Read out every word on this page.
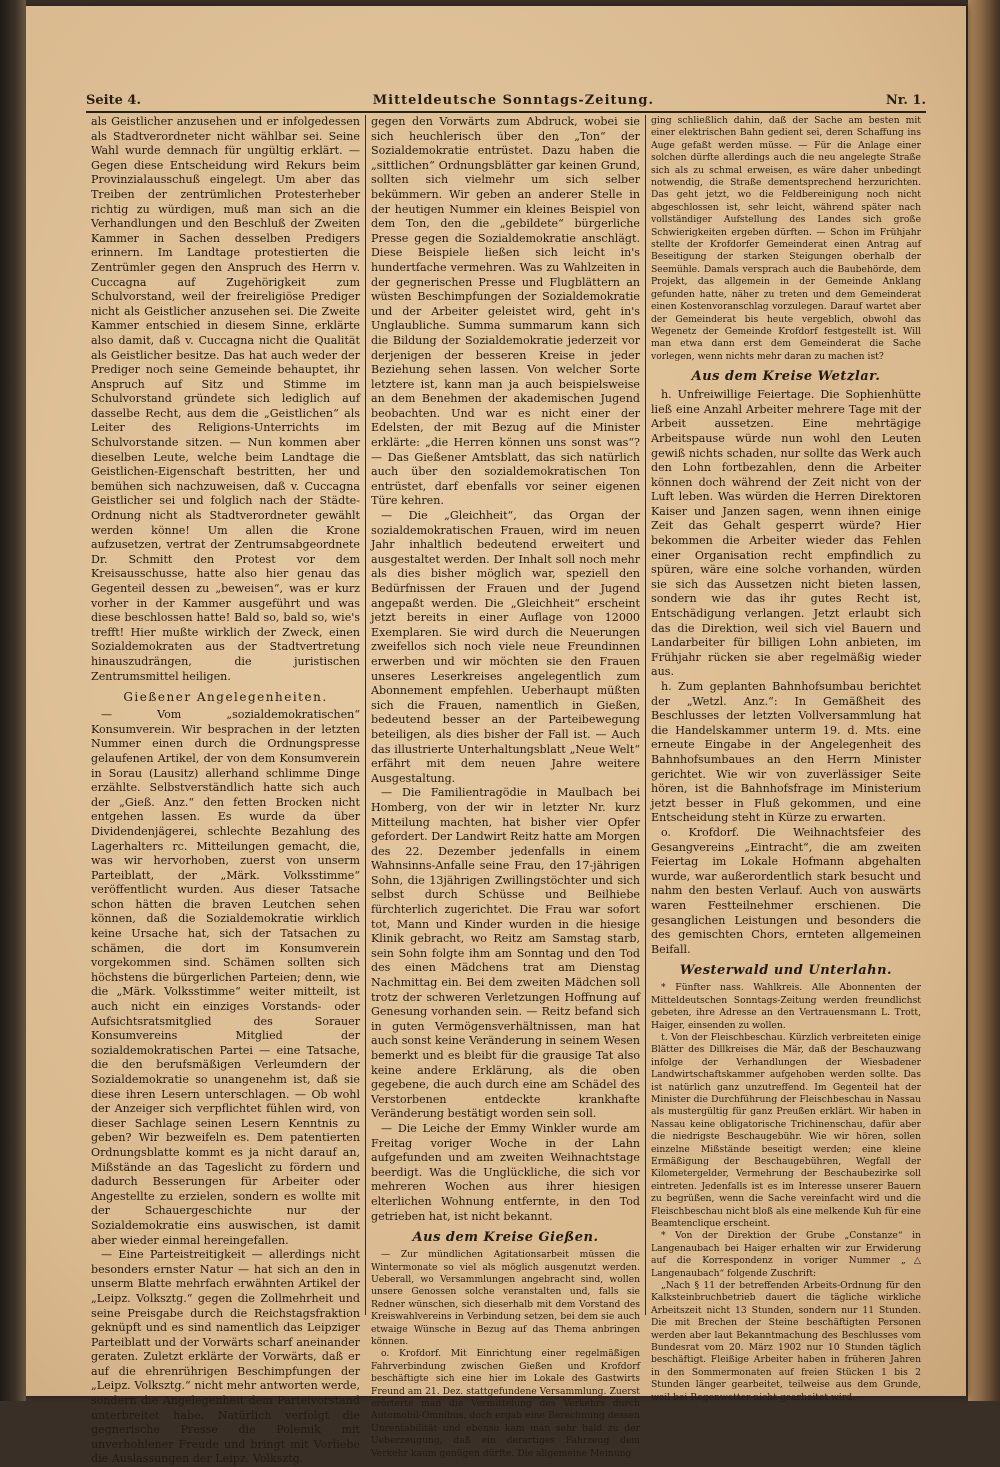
Seite 4.	Mitteldeutsche Sonntags-Zeitung.	Nr. 1.

als Geistlicher anzusehen und er infolgedessen als Stadtverordneter nicht wählbar sei. Seine Wahl wurde demnach für ungültig erklärt. — Gegen diese Entscheidung wird Rekurs beim Provinzialausschuß eingelegt. Um aber das Treiben der zentrümlichen Protesterheber richtig zu würdigen, muß man sich an die Verhandlungen und den Beschluß der Zweiten Kammer in Sachen desselben Predigers erinnern. Im Landtage protestierten die Zentrümler gegen den Anspruch des Herrn v. Cuccagna auf Zugehörigkeit zum Schulvorstand, weil der freireligiöse Prediger nicht als Geistlicher anzusehen sei. Die Zweite Kammer entschied in diesem Sinne, erklärte also damit, daß v. Cuccagna nicht die Qualität als Geistlicher besitze. Das hat auch weder der Prediger noch seine Gemeinde behauptet, ihr Anspruch auf Sitz und Stimme im Schulvorstand gründete sich lediglich auf dasselbe Recht, aus dem die „Geistlichen“ als Leiter des Religions-Unterrichts im Schulvorstande sitzen. — Nun kommen aber dieselben Leute, welche beim Landtage die Geistlichen-Eigenschaft bestritten, her und bemühen sich nachzuweisen, daß v. Cuccagna Geistlicher sei und folglich nach der Städte-Ordnung nicht als Stadtverordneter gewählt werden könne! Um allen die Krone aufzusetzen, vertrat der Zentrumsabgeordnete Dr. Schmitt den Protest vor dem Kreisausschusse, hatte also hier genau das Gegenteil dessen zu „beweisen“, was er kurz vorher in der Kammer ausgeführt und was diese beschlossen hatte! Bald so, bald so, wie's trefft! Hier mußte wirklich der Zweck, einen Sozialdemokraten aus der Stadtvertretung hinauszudrängen, die juristischen Zentrumsmittel heiligen.

Gießener Angelegenheiten.

— Vom „sozialdemokratischen“ Konsumverein. Wir besprachen in der letzten Nummer einen durch die Ordnungspresse gelaufenen Artikel, der von dem Konsumverein in Sorau (Lausitz) allerhand schlimme Dinge erzählte. Selbstverständlich hatte sich auch der „Gieß. Anz.“ den fetten Brocken nicht entgehen lassen. Es wurde da über Dividendenjägerei, schlechte Bezahlung des Lagerhalters rc. Mitteilungen gemacht, die, was wir hervorhoben, zuerst von unserm Parteiblatt, der „Märk. Volksstimme“ veröffentlicht wurden. Aus dieser Tatsache schon hätten die braven Leutchen sehen können, daß die Sozialdemokratie wirklich keine Ursache hat, sich der Tatsachen zu schämen, die dort im Konsumverein vorgekommen sind. Schämen sollten sich höchstens die bürgerlichen Parteien; denn, wie die „Märk. Volksstimme“ weiter mitteilt, ist auch nicht ein einziges Vorstands- oder Aufsichtsratsmitglied des Sorauer Konsumvereins Mitglied der sozialdemokratischen Partei — eine Tatsache, die den berufsmäßigen Verleumdern der Sozialdemokratie so unangenehm ist, daß sie diese ihren Lesern unterschlagen. — Ob wohl der Anzeiger sich verpflichtet fühlen wird, von dieser Sachlage seinen Lesern Kenntnis zu geben? Wir bezweifeln es. Dem patentierten Ordnungsblatte kommt es ja nicht darauf an, Mißstände an das Tageslicht zu fördern und dadurch Besserungen für Arbeiter oder Angestellte zu erzielen, sondern es wollte mit der Schauergeschichte nur der Sozialdemokratie eins auswischen, ist damit aber wieder einmal hereingefallen.

— Eine Parteistreitigkeit — allerdings nicht besonders ernster Natur — hat sich an den in unserm Blatte mehrfach erwähnten Artikel der „Leipz. Volksztg.“ gegen die Zollmehrheit und seine Preisgabe durch die Reichstagsfraktion geknüpft und es sind namentlich das Leipziger Parteiblatt und der Vorwärts scharf aneinander geraten. Zuletzt erklärte der Vorwärts, daß er auf die ehrenrührigen Beschimpfungen der „Leipz. Volksztg.“ nicht mehr antworten werde, sondern die Angelegenheit dem Parteivorstand unterbreitet habe. Natürlich verfolgt die gegnerische Presse die Polemik mit unverhohlener Freude und bringt mit Vorliebe die Auslassungen der Leipz. Volksztg.

gegen den Vorwärts zum Abdruck, wobei sie sich heuchlerisch über den „Ton“ der Sozialdemokratie entrüstet. Dazu haben die „sittlichen“ Ordnungsblätter gar keinen Grund, sollten sich vielmehr um sich selber bekümmern. Wir geben an anderer Stelle in der heutigen Nummer ein kleines Beispiel von dem Ton, den die „gebildete“ bürgerliche Presse gegen die Sozialdemokratie anschlägt. Diese Beispiele ließen sich leicht in's hundertfache vermehren. Was zu Wahlzeiten in der gegnerischen Presse und Flugblättern an wüsten Beschimpfungen der Sozialdemokratie und der Arbeiter geleistet wird, geht in's Unglaubliche. Summa summarum kann sich die Bildung der Sozialdemokratie jederzeit vor derjenigen der besseren Kreise in jeder Beziehung sehen lassen. Von welcher Sorte letztere ist, kann man ja auch beispielsweise an dem Benehmen der akademischen Jugend beobachten. Und war es nicht einer der Edelsten, der mit Bezug auf die Minister erklärte: „die Herren können uns sonst was“? — Das Gießener Amtsblatt, das sich natürlich auch über den sozialdemokratischen Ton entrüstet, darf ebenfalls vor seiner eigenen Türe kehren.

— Die „Gleichheit“, das Organ der sozialdemokratischen Frauen, wird im neuen Jahr inhaltlich bedeutend erweitert und ausgestaltet werden. Der Inhalt soll noch mehr als dies bisher möglich war, speziell den Bedürfnissen der Frauen und der Jugend angepaßt werden. Die „Gleichheit“ erscheint jetzt bereits in einer Auflage von 12000 Exemplaren. Sie wird durch die Neuerungen zweifellos sich noch viele neue Freundinnen erwerben und wir möchten sie den Frauen unseres Leserkreises angelegentlich zum Abonnement empfehlen. Ueberhaupt müßten sich die Frauen, namentlich in Gießen, bedeutend besser an der Parteibewegung beteiligen, als dies bisher der Fall ist. — Auch das illustrierte Unterhaltungsblatt „Neue Welt“ erfährt mit dem neuen Jahre weitere Ausgestaltung.

— Die Familientragödie in Maulbach bei Homberg, von der wir in letzter Nr. kurz Mitteilung machten, hat bisher vier Opfer gefordert. Der Landwirt Reitz hatte am Morgen des 22. Dezember jedenfalls in einem Wahnsinns-Anfalle seine Frau, den 17-jährigen Sohn, die 13jährigen Zwillingstöchter und sich selbst durch Schüsse und Beilhiebe fürchterlich zugerichtet. Die Frau war sofort tot, Mann und Kinder wurden in die hiesige Klinik gebracht, wo Reitz am Samstag starb, sein Sohn folgte ihm am Sonntag und den Tod des einen Mädchens trat am Dienstag Nachmittag ein. Bei dem zweiten Mädchen soll trotz der schweren Verletzungen Hoffnung auf Genesung vorhanden sein. — Reitz befand sich in guten Vermögensverhältnissen, man hat auch sonst keine Veränderung in seinem Wesen bemerkt und es bleibt für die grausige Tat also keine andere Erklärung, als die oben gegebene, die auch durch eine am Schädel des Verstorbenen entdeckte krankhafte Veränderung bestätigt worden sein soll.

— Die Leiche der Emmy Winkler wurde am Freitag voriger Woche in der Lahn aufgefunden und am zweiten Weihnachtstage beerdigt. Was die Unglückliche, die sich vor mehreren Wochen aus ihrer hiesigen elterlichen Wohnung entfernte, in den Tod getrieben hat, ist nicht bekannt.

Aus dem Kreise Gießen.

— Zur mündlichen Agitationsarbeit müssen die Wintermonate so viel als möglich ausgenutzt werden. Ueberall, wo Versammlungen angebracht sind, wollen unsere Genossen solche veranstalten und, falls sie Redner wünschen, sich dieserhalb mit dem Vorstand des Kreiswahlvereins in Verbindung setzen, bei dem sie auch etwaige Wünsche in Bezug auf das Thema anbringen können.

o. Krofdorf. Mit Einrichtung einer regelmäßigen Fahrverbindung zwischen Gießen und Krofdorf beschäftigte sich eine hier im Lokale des Gastwirts Freund am 21. Dez. stattgefundene Versammlung. Zuerst erörterte man die Vermittelung des Verkehrs durch Automobil-Omnibus, doch ergab eine Berechnung dessen Unrentabilität und ebenso kam man sehr bald zu der Ueberzeugung, daß ein derartiges Fahrzeug dem Verkehr kaum genügen dürfte. Die allgemeine Meinung

ging schließlich dahin, daß der Sache am besten mit einer elektrischen Bahn gedient sei, deren Schaffung ins Auge gefaßt werden müsse. — Für die Anlage einer solchen dürfte allerdings auch die neu angelegte Straße sich als zu schmal erweisen, es wäre daher unbedingt notwendig, die Straße dementsprechend herzurichten. Das geht jetzt, wo die Feldbereinigung noch nicht abgeschlossen ist, sehr leicht, während später nach vollständiger Aufstellung des Landes sich große Schwierigkeiten ergeben dürften. — Schon im Frühjahr stellte der Krofdorfer Gemeinderat einen Antrag auf Beseitigung der starken Steigungen oberhalb der Seemühle. Damals versprach auch die Baubehörde, dem Projekt, das allgemein in der Gemeinde Anklang gefunden hatte, näher zu treten und dem Gemeinderat einen Kostenvoranschlag vorzulegen. Darauf wartet aber der Gemeinderat bis heute vergeblich, obwohl das Wegenetz der Gemeinde Krofdorf festgestellt ist. Will man etwa dann erst dem Gemeinderat die Sache vorlegen, wenn nichts mehr daran zu machen ist?

Aus dem Kreise Wetzlar.

h. Unfreiwillige Feiertage. Die Sophienhütte ließ eine Anzahl Arbeiter mehrere Tage mit der Arbeit aussetzen. Eine mehrtägige Arbeitspause würde nun wohl den Leuten gewiß nichts schaden, nur sollte das Werk auch den Lohn fortbezahlen, denn die Arbeiter können doch während der Zeit nicht von der Luft leben. Was würden die Herren Direktoren Kaiser und Janzen sagen, wenn ihnen einige Zeit das Gehalt gesperrt würde? Hier bekommen die Arbeiter wieder das Fehlen einer Organisation recht empfindlich zu spüren, wäre eine solche vorhanden, würden sie sich das Aussetzen nicht bieten lassen, sondern wie das ihr gutes Recht ist, Entschädigung verlangen. Jetzt erlaubt sich das die Direktion, weil sich viel Bauern und Landarbeiter für billigen Lohn anbieten, im Frühjahr rücken sie aber regelmäßig wieder aus.

h. Zum geplanten Bahnhofsumbau berichtet der „Wetzl. Anz.“: In Gemäßheit des Beschlusses der letzten Vollversammlung hat die Handelskammer unterm 19. d. Mts. eine erneute Eingabe in der Angelegenheit des Bahnhofsumbaues an den Herrn Minister gerichtet. Wie wir von zuverlässiger Seite hören, ist die Bahnhofsfrage im Ministerium jetzt besser in Fluß gekommen, und eine Entscheidung steht in Kürze zu erwarten.

o. Krofdorf. Die Weihnachtsfeier des Gesangvereins „Eintracht“, die am zweiten Feiertag im Lokale Hofmann abgehalten wurde, war außerordentlich stark besucht und nahm den besten Verlauf. Auch von auswärts waren Festteilnehmer erschienen. Die gesanglichen Leistungen und besonders die des gemischten Chors, ernteten allgemeinen Beifall.

Westerwald und Unterlahn.

* Fünfter nass. Wahlkreis. Alle Abonnenten der Mitteldeutschen Sonntags-Zeitung werden freundlichst gebeten, ihre Adresse an den Vertrauensmann L. Trott, Haiger, einsenden zu wollen.

t. Von der Fleischbeschau. Kürzlich verbreiteten einige Blätter des Dillkreises die Mär, daß der Beschauzwang infolge der Verhandlungen der Wiesbadener Landwirtschaftskammer aufgehoben werden sollte. Das ist natürlich ganz unzutreffend. Im Gegenteil hat der Minister die Durchführung der Fleischbeschau in Nassau als mustergültig für ganz Preußen erklärt. Wir haben in Nassau keine obligatorische Trichinenschau, dafür aber die niedrigste Beschaugebühr. Wie wir hören, sollen einzelne Mißstände beseitigt werden; eine kleine Ermäßigung der Beschaugebühren, Wegfall der Kilometergelder, Vermehrung der Beschaubezirke soll eintreten. Jedenfalls ist es im Interesse unserer Bauern zu begrüßen, wenn die Sache vereinfacht wird und die Fleischbeschau nicht bloß als eine melkende Kuh für eine Beamtenclique erscheint.

* Von der Direktion der Grube „Constanze“ in Langenaubach bei Haiger erhalten wir zur Erwiderung auf die Korrespondenz in voriger Nummer „△ Langenaubach“ folgende Zuschrift:

„Nach § 11 der betreffenden Arbeits-Ordnung für den Kalksteinbruchbetrieb dauert die tägliche wirkliche Arbeitszeit nicht 13 Stunden, sondern nur 11 Stunden. Die mit Brechen der Steine beschäftigten Personen werden aber laut Bekanntmachung des Beschlusses vom Bundesrat vom 20. März 1902 nur 10 Stunden täglich beschäftigt. Fleißige Arbeiter haben in früheren Jahren in den Sommermonaten auf freien Stücken 1 bis 2 Stunden länger gearbeitet, teilweise aus dem Grunde, weil bei Regenwetter nicht gearbeitet wird.
